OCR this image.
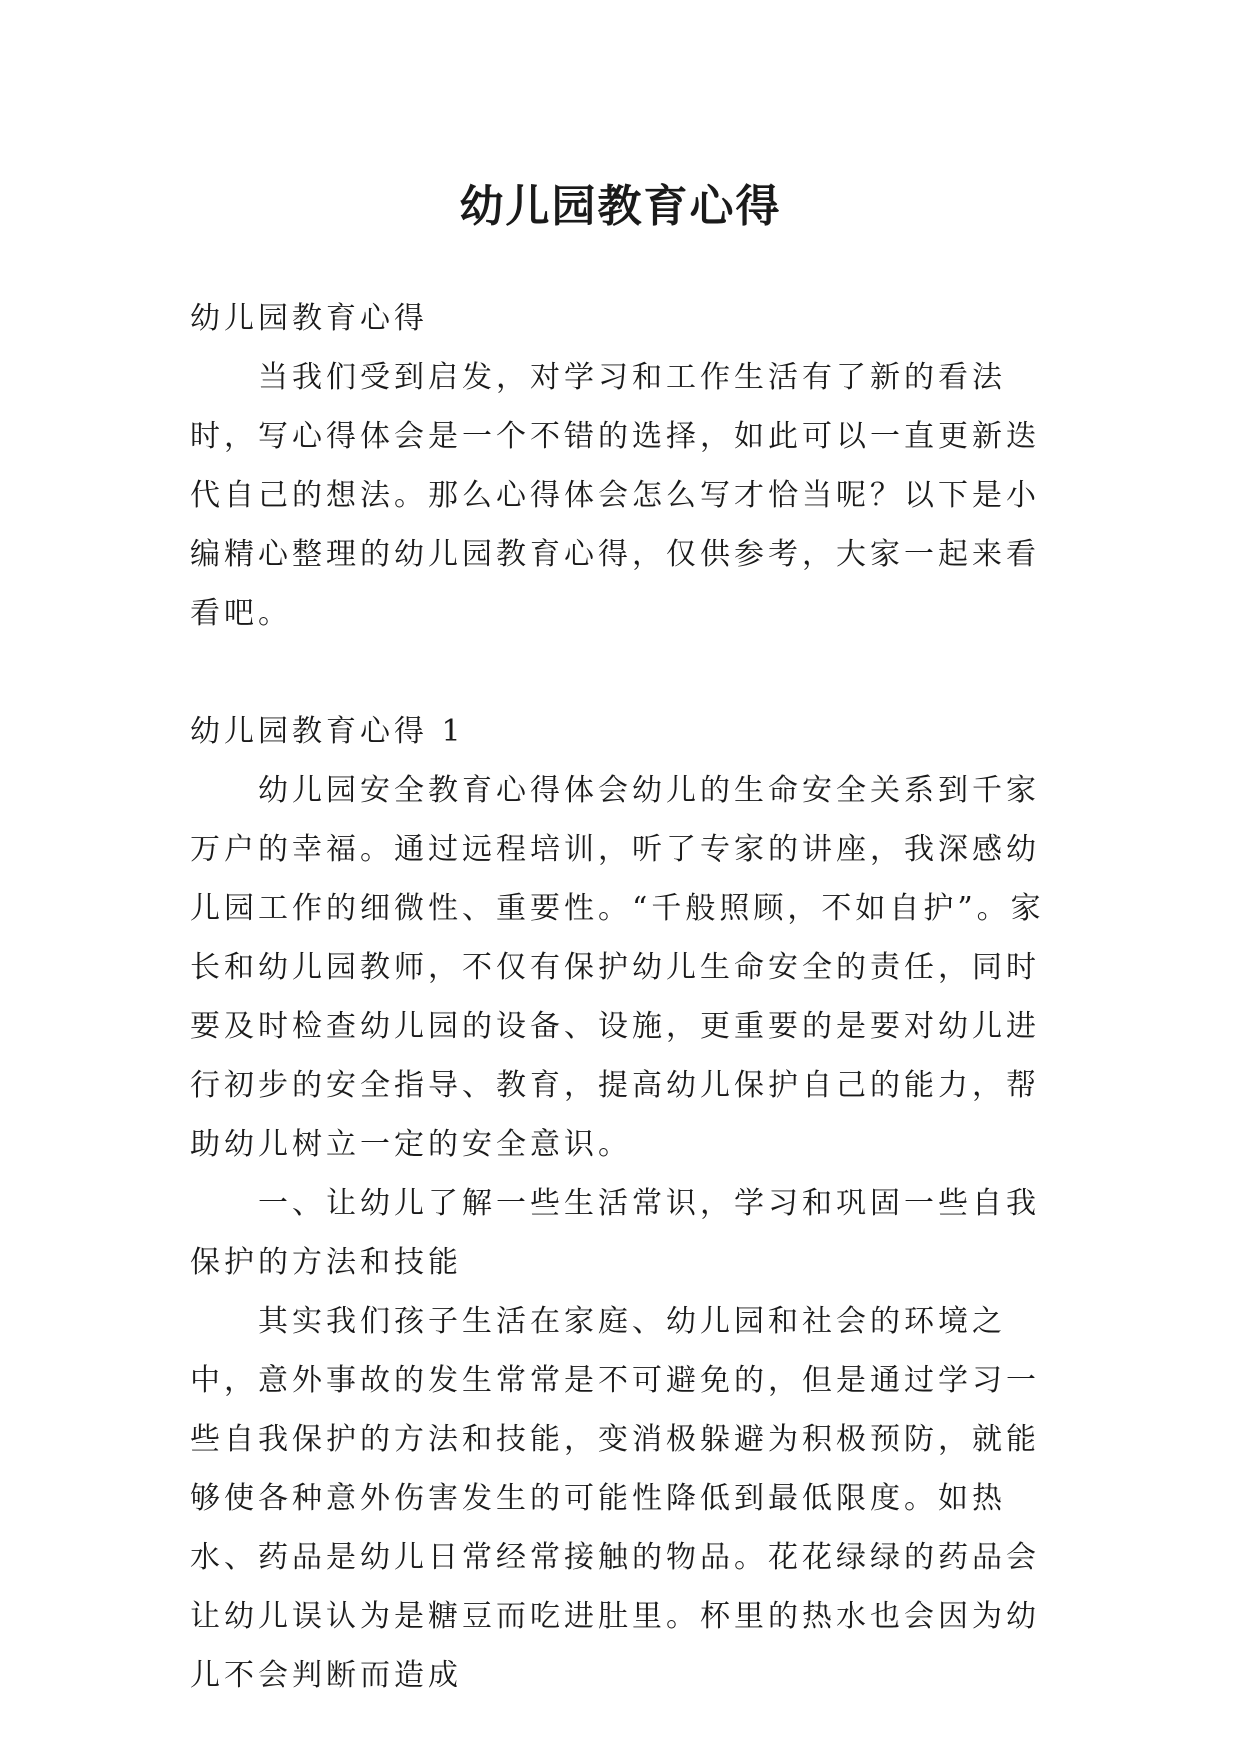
幼儿园教育心得

幼儿园教育心得

当我们受到启发，对学习和工作生活有了新的看法时，写心得体会是一个不错的选择，如此可以一直更新迭代自己的想法。那么心得体会怎么写才恰当呢？以下是小编精心整理的幼儿园教育心得，仅供参考，大家一起来看看吧。

幼儿园教育心得 1

幼儿园安全教育心得体会幼儿的生命安全关系到千家万户的幸福。通过远程培训，听了专家的讲座，我深感幼儿园工作的细微性、重要性。“千般照顾，不如自护”。家长和幼儿园教师，不仅有保护幼儿生命安全的责任，同时要及时检查幼儿园的设备、设施，更重要的是要对幼儿进行初步的安全指导、教育，提高幼儿保护自己的能力，帮助幼儿树立一定的安全意识。

一、让幼儿了解一些生活常识，学习和巩固一些自我保护的方法和技能

其实我们孩子生活在家庭、幼儿园和社会的环境之中，意外事故的发生常常是不可避免的，但是通过学习一些自我保护的方法和技能，变消极躲避为积极预防，就能够使各种意外伤害发生的可能性降低到最低限度。如热水、药品是幼儿日常经常接触的物品。花花绿绿的药品会让幼儿误认为是糖豆而吃进肚里。杯里的热水也会因为幼儿不会判断而造成
